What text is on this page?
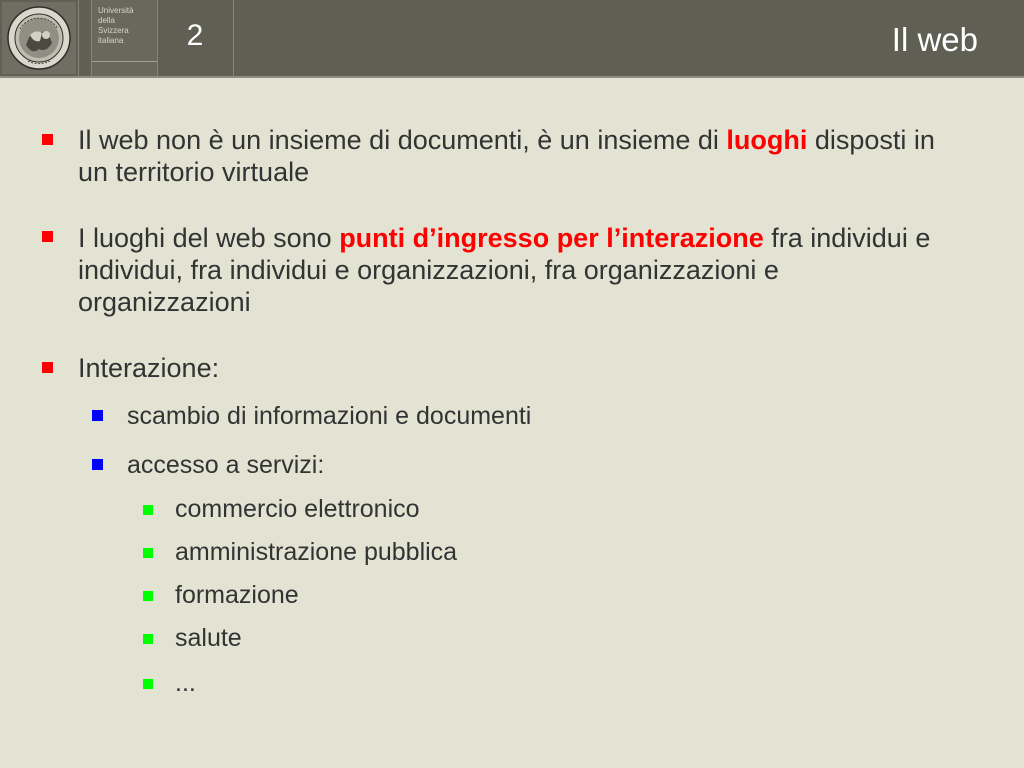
Università
della
Svizzera
italiana	2	Il web
Il web non è un insieme di documenti, è un insieme di luoghi disposti in un territorio virtuale
I luoghi del web sono punti d’ingresso per l’interazione fra individui e individui, fra individui e organizzazioni, fra organizzazioni e organizzazioni
Interazione:
scambio di informazioni e documenti
accesso a servizi:
commercio elettronico
amministrazione pubblica
formazione
salute
...
